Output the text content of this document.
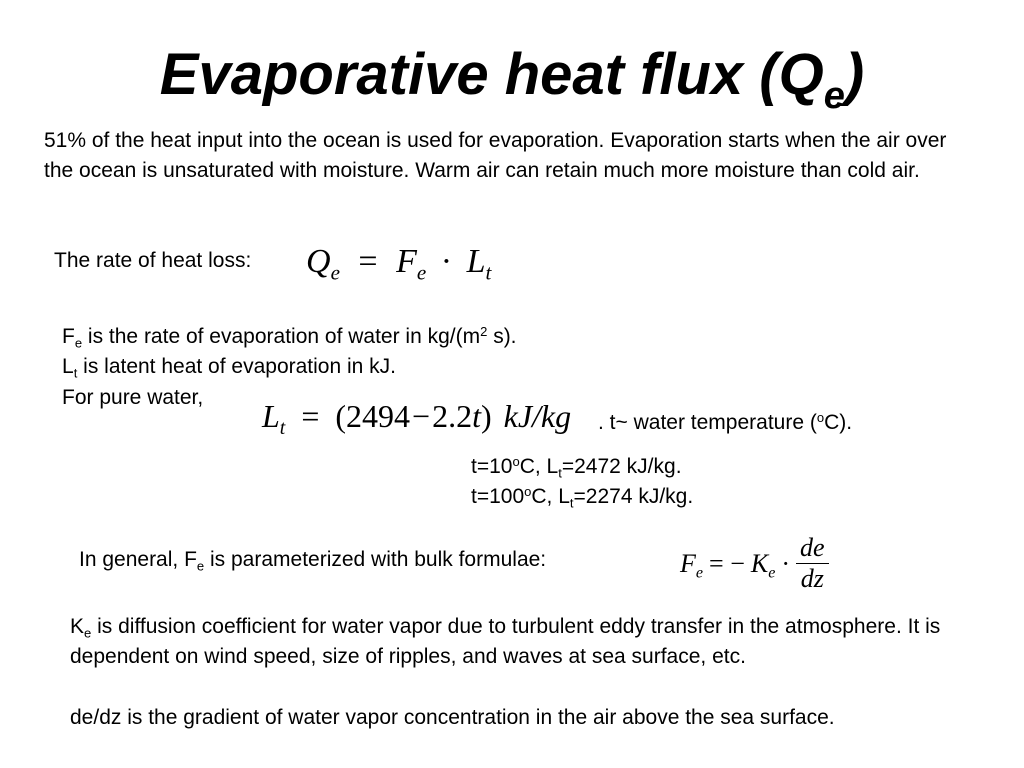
Evaporative heat flux $(Q_e)$
51% of the heat input into the ocean is used for evaporation. Evaporation starts when the air over the ocean is unsaturated with moisture. Warm air can retain much more moisture than cold air.
The rate of heat loss: $Q_e = F_e \cdot L_t$
$F_e$ is the rate of evaporation of water in $kg/(m^2$ s).
$L_t$ is latent heat of evaporation in kJ.
For pure water,
$L_t = (2494-2.2t)$ kJ/kg . t~ water temperature ($^o$C).
$t=10^oC$, $L_t=2472$ kJ/kg.
$t=100^oC$, $L_t=2274$ kJ/kg.
In general, $F_e$ is parameterized with bulk formulae:	$F_e$ = − $K_e \cdot \frac{de}{dz}$
$K_e$ is diffusion coefficient for water vapor due to turbulent eddy transfer in the atmosphere. It is dependent on wind speed, size of ripples, and waves at sea surface, etc.
de/dz is the gradient of water vapor concentration in the air above the sea surface.
